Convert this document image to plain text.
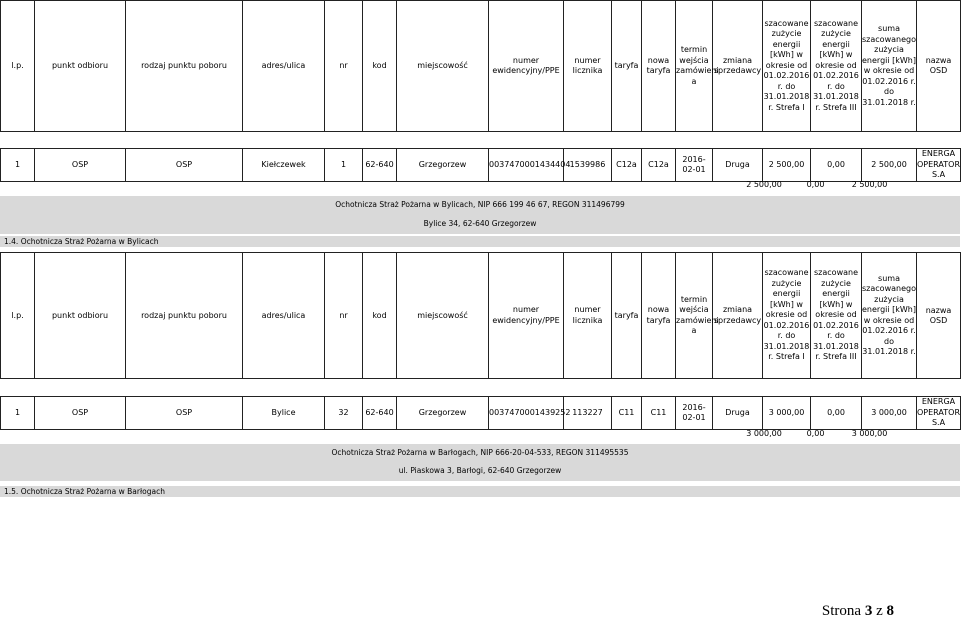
l.p.	punkt odbioru	rodzaj punktu poboru	adres/ulica	nr	kod	miejscowość	numer ewidencyjny/PPE	numer licznika	taryfa	nowa taryfa	termin wejścia zamówieni a	zmiana sprzedawcy	szacowane zużycie energii [kWh] w okresie od 01.02.2016 r. do 31.01.2018 r. Strefa I	szacowane zużycie energii [kWh] w okresie od 01.02.2016 r. do 31.01.2018 r. Strefa III	suma szacowanego zużycia energii [kWh] w okresie od 01.02.2016 r. do 31.01.2018 r.	nazwa OSD
1	OSP	OSP	Kiełczewek	1	62-640	Grzegorzew	0037470001434404	1539986	C12a	C12a	2016-02-01	Druga	2 500,00	0,00	2 500,00	ENERGA OPERATOR S.A
2 500,00	0,00	2 500,00
Ochotnicza Straż Pożarna w Bylicach, NIP 666 199 46 67, REGON 311496799
Bylice 34, 62-640 Grzegorzew
1.4. Ochotnicza Straż Pożarna w Bylicach
l.p.	punkt odbioru	rodzaj punktu poboru	adres/ulica	nr	kod	miejscowość	numer ewidencyjny/PPE	numer licznika	taryfa	nowa taryfa	termin wejścia zamówieni a	zmiana sprzedawcy	szacowane zużycie energii [kWh] w okresie od 01.02.2016 r. do 31.01.2018 r. Strefa I	szacowane zużycie energii [kWh] w okresie od 01.02.2016 r. do 31.01.2018 r. Strefa III	suma szacowanego zużycia energii [kWh] w okresie od 01.02.2016 r. do 31.01.2018 r.	nazwa OSD
1	OSP	OSP	Bylice	32	62-640	Grzegorzew	0037470001439252	113227	C11	C11	2016-02-01	Druga	3 000,00	0,00	3 000,00	ENERGA OPERATOR S.A
3 000,00	0,00	3 000,00
Ochotnicza Straż Pożarna w Barłogach, NIP 666-20-04-533, REGON 311495535
ul. Piaskowa 3, Barłogi, 62-640 Grzegorzew
1.5. Ochotnicza Straż Pożarna w Barłogach
Strona 3 z 8
